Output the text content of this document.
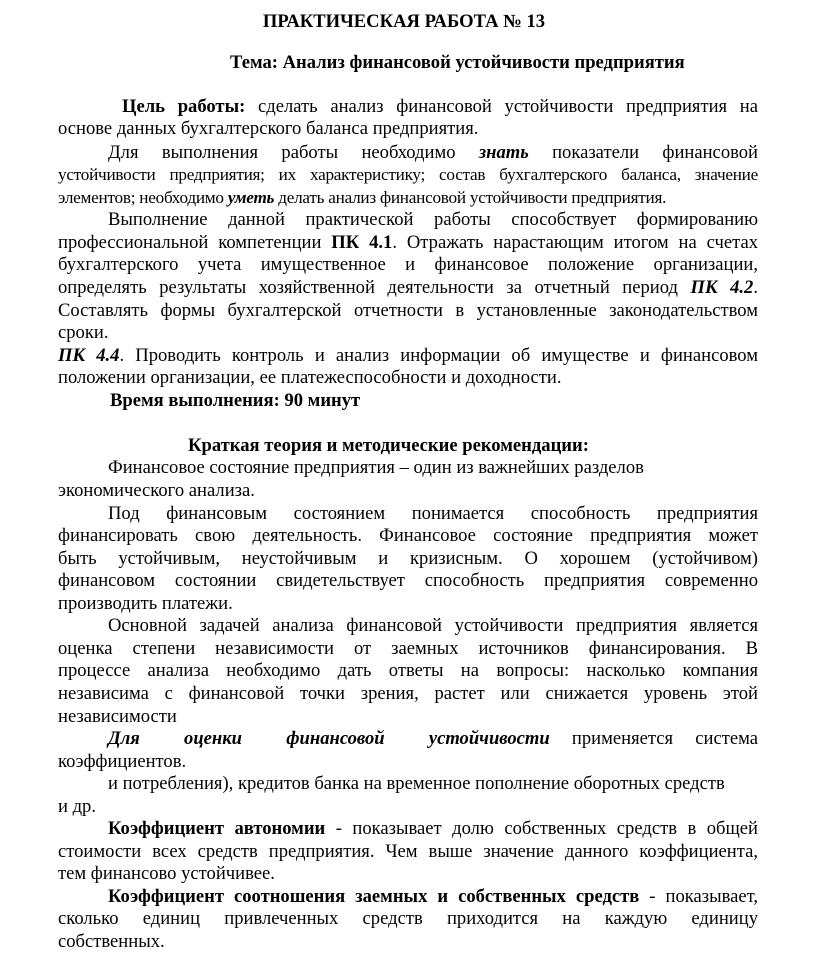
ПРАКТИЧЕСКАЯ РАБОТА № 13
Тема: Анализ финансовой устойчивости предприятия
Цель работы: сделать анализ финансовой устойчивости предприятия на
основе данных бухгалтерского баланса предприятия.
Для выполнения работы необходимо знать показатели финансовой
устойчивости предприятия; их характеристику; состав бухгалтерского баланса, значение
элементов; необходимо уметь делать анализ финансовой устойчивости предприятия.
Выполнение данной практической работы способствует формированию
профессиональной компетенции ПК 4.1. Отражать нарастающим итогом на счетах
бухгалтерского учета имущественное и финансовое положение организации,
определять результаты хозяйственной деятельности за отчетный период ПК 4.2.
Составлять формы бухгалтерской отчетности в установленные законодательством
сроки.
ПК 4.4. Проводить контроль и анализ информации об имуществе и финансовом
положении организации, ее платежеспособности и доходности.
Время выполнения: 90 минут
Краткая теория и методические рекомендации:
Финансовое состояние предприятия – один из важнейших разделов
экономического анализа.
Под финансовым состоянием понимается способность предприятия
финансировать свою деятельность. Финансовое состояние предприятия может
быть устойчивым, неустойчивым и кризисным. О хорошем (устойчивом)
финансовом состоянии свидетельствует способность предприятия современно
производить платежи.
Основной задачей анализа финансовой устойчивости предприятия является
оценка степени независимости от заемных источников финансирования. В
процессе анализа необходимо дать ответы на вопросы: насколько компания
независима с финансовой точки зрения, растет или снижается уровень этой
независимости
Для оценки финансовой устойчивости применяется система
коэффициентов.
и потребления), кредитов банка на временное пополнение оборотных средств
и др.
Коэффициент автономии - показывает долю собственных средств в общей
стоимости всех средств предприятия. Чем выше значение данного коэффициента,
тем финансово устойчивее.
Коэффициент соотношения заемных и собственных средств - показывает,
сколько единиц привлеченных средств приходится на каждую единицу
собственных.
